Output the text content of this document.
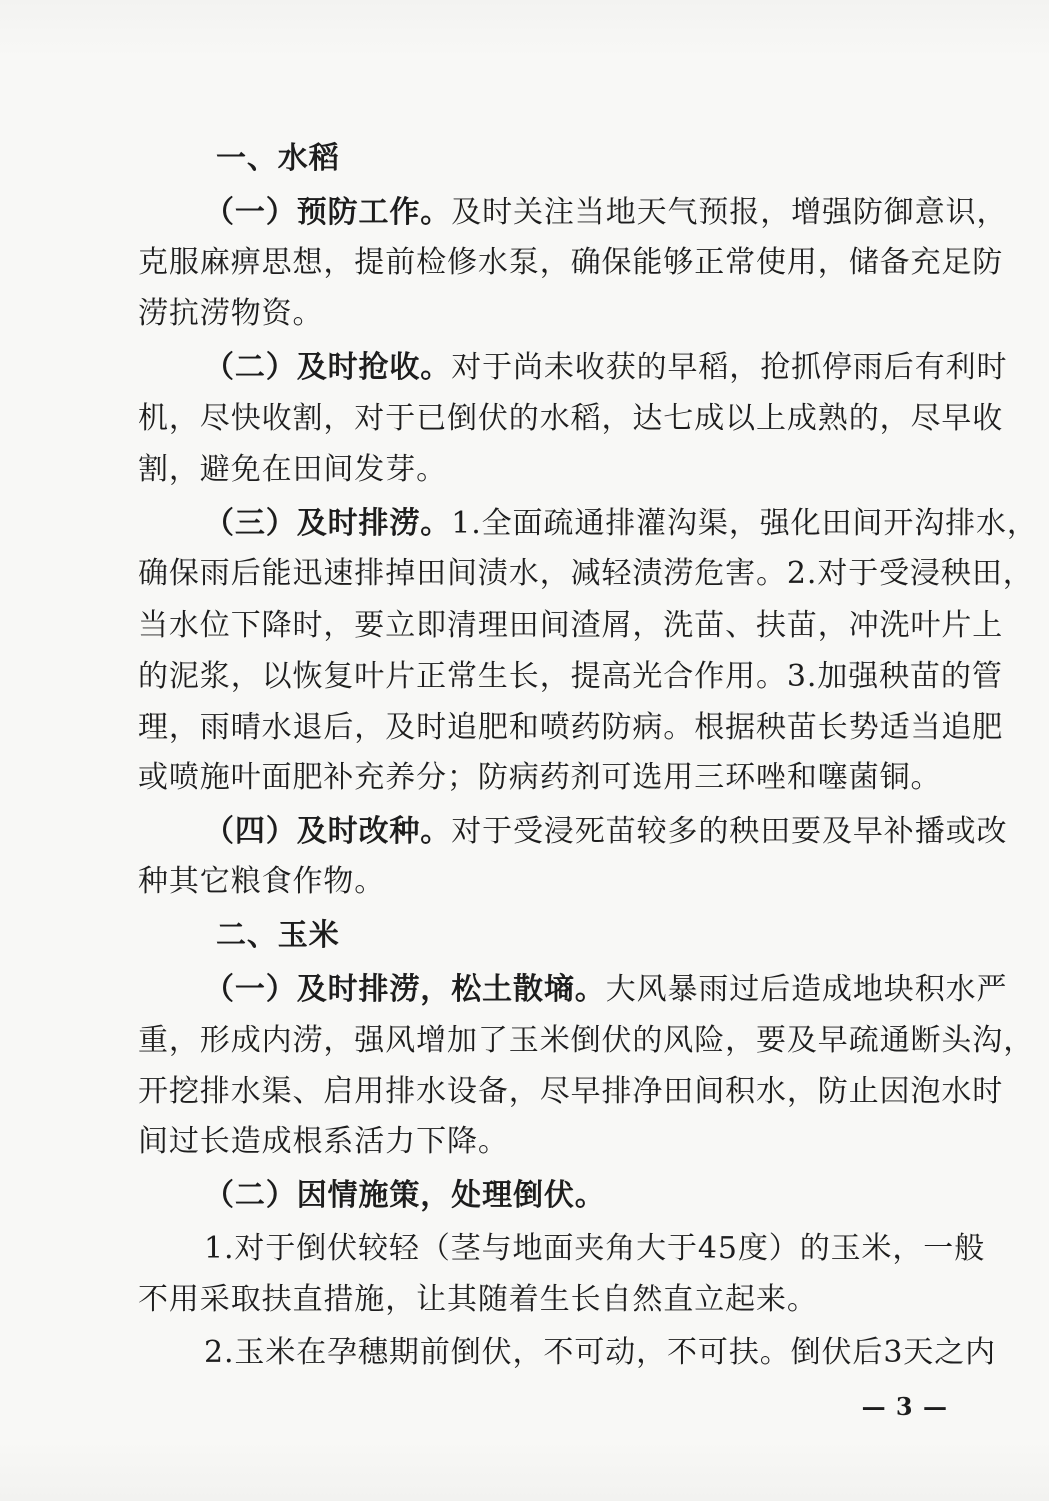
一、水稻
（一）预防工作。及时关注当地天气预报，增强防御意识，
克服麻痹思想，提前检修水泵，确保能够正常使用，储备充足防
涝抗涝物资。
（二）及时抢收。对于尚未收获的早稻，抢抓停雨后有利时
机，尽快收割，对于已倒伏的水稻，达七成以上成熟的，尽早收
割，避免在田间发芽。
（三）及时排涝。1.全面疏通排灌沟渠，强化田间开沟排水，
确保雨后能迅速排掉田间渍水，减轻渍涝危害。2.对于受浸秧田，
当水位下降时，要立即清理田间渣屑，洗苗、扶苗，冲洗叶片上
的泥浆，以恢复叶片正常生长，提高光合作用。3.加强秧苗的管
理，雨晴水退后，及时追肥和喷药防病。根据秧苗长势适当追肥
或喷施叶面肥补充养分；防病药剂可选用三环唑和噻菌铜。
（四）及时改种。对于受浸死苗较多的秧田要及早补播或改
种其它粮食作物。
二、玉米
（一）及时排涝，松土散墒。大风暴雨过后造成地块积水严
重，形成内涝，强风增加了玉米倒伏的风险，要及早疏通断头沟，
开挖排水渠、启用排水设备，尽早排净田间积水，防止因泡水时
间过长造成根系活力下降。
（二）因情施策，处理倒伏。
1.对于倒伏较轻（茎与地面夹角大于45度）的玉米，一般
不用采取扶直措施，让其随着生长自然直立起来。
2.玉米在孕穗期前倒伏，不可动，不可扶。倒伏后3天之内
— 3 —
